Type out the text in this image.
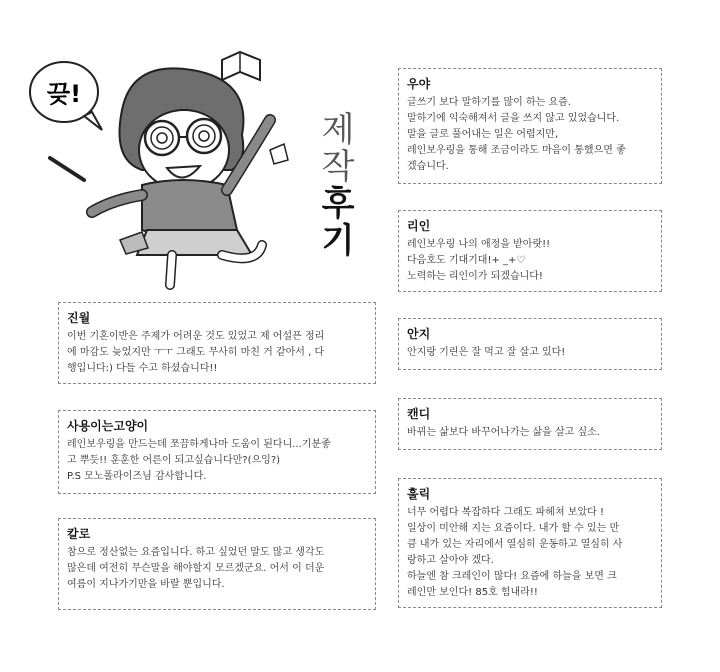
끚!
제
작
후
기
진월
이번 기혼이반은 주제가 어려운 것도 있었고 제 어설픈 정리
에 마감도 늦었지만 ㅜㅜ 그래도 무사히 마친 거 같아서 , 다
행입니다:) 다들 수고 하셨습니다!!
사용이는고양이
레인보우링을 만드는데 쪼끔하게나마 도움이 된다니...기분좋
고 뿌듯!! 훈훈한 어른이 되고싶습니다만?(으잉?)
P.S 모노폴라이즈님 감사합니다.
칼로
참으로 정산없는 요즘입니다. 하고 싶었던 말도 많고 생각도
많은데 여전히 무슨말을 해야할지 모르겠군요. 어서 이 더운
여름이 지나가기만을 바랄 뿐입니다.
우야
글쓰기 보다 말하기를 많이 하는 요즘.
말하기에 익숙해져서 글을 쓰지 않고 있었습니다.
말을 글로 풀어내는 일은 어렵지만,
레인보우링을 통해 조금이라도 마음이 통했으면 좋
겠습니다.
리인
레인보우링 나의 애정을 받아랏!!
다음호도 기대기대!+ _+♡
노력하는 리인이가 되겠습니다!
안지
안지랑 기린은 잘 먹고 잘 살고 있다!
캔디
바뀌는 삶보다 바꾸어나가는 삶을 살고 싶소.
훌릭
너무 어렵다 복잡하다 그래도 파헤쳐 보았다 !
일상이 미안해 지는 요즘이다. 내가 할 수 있는 만
큼 내가 있는 자리에서 열심히 운동하고 열심히 사
랑하고 살아야 겠다.
하늘엔 참 크레인이 많다! 요즘에 하늘을 보면 크
레인만 보인다! 85호 힘내라!!
